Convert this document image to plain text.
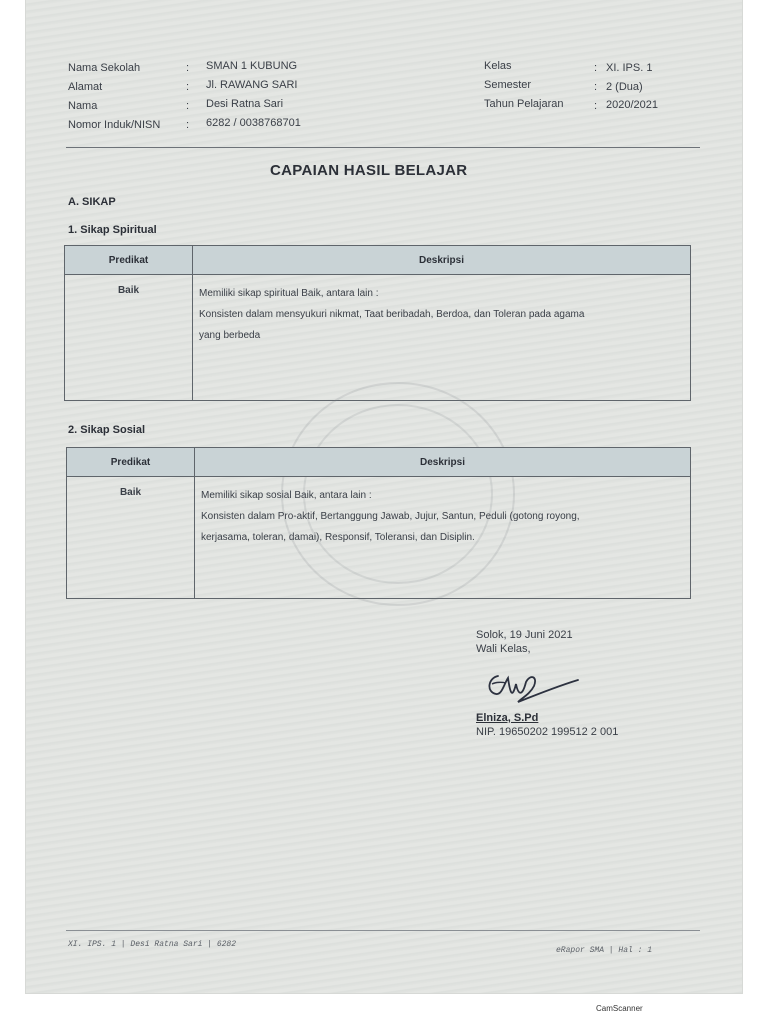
Nama Sekolah	: SMAN 1 KUBUNG
Alamat	: Jl. RAWANG SARI
Nama	: Desi Ratna Sari
Nomor Induk/NISN : 6282 / 0038768701
Kelas	: XI. IPS. 1
Semester	: 2 (Dua)
Tahun Pelajaran	: 2020/2021
CAPAIAN HASIL BELAJAR
A. SIKAP
1. Sikap Spiritual
Predikat	Deskripsi
Baik	Memiliki sikap spiritual Baik, antara lain :
Konsisten dalam mensyukuri nikmat, Taat beribadah, Berdoa, dan Toleran pada agama
yang berbeda
2. Sikap Sosial
Predikat	Deskripsi
Baik	Memiliki sikap sosial Baik, antara lain :
Konsisten dalam Pro-aktif, Bertanggung Jawab, Jujur, Santun, Peduli (gotong royong,
kerjasama, toleran, damai), Responsif, Toleransi, dan Disiplin.
Solok, 19 Juni 2021
Wali Kelas,
Elniza, S.Pd
NIP. 19650202 199512 2 001
XI. IPS. 1 | Desi Ratna Sari | 6282
eRapor SMA | Hal : 1
CamScanner
